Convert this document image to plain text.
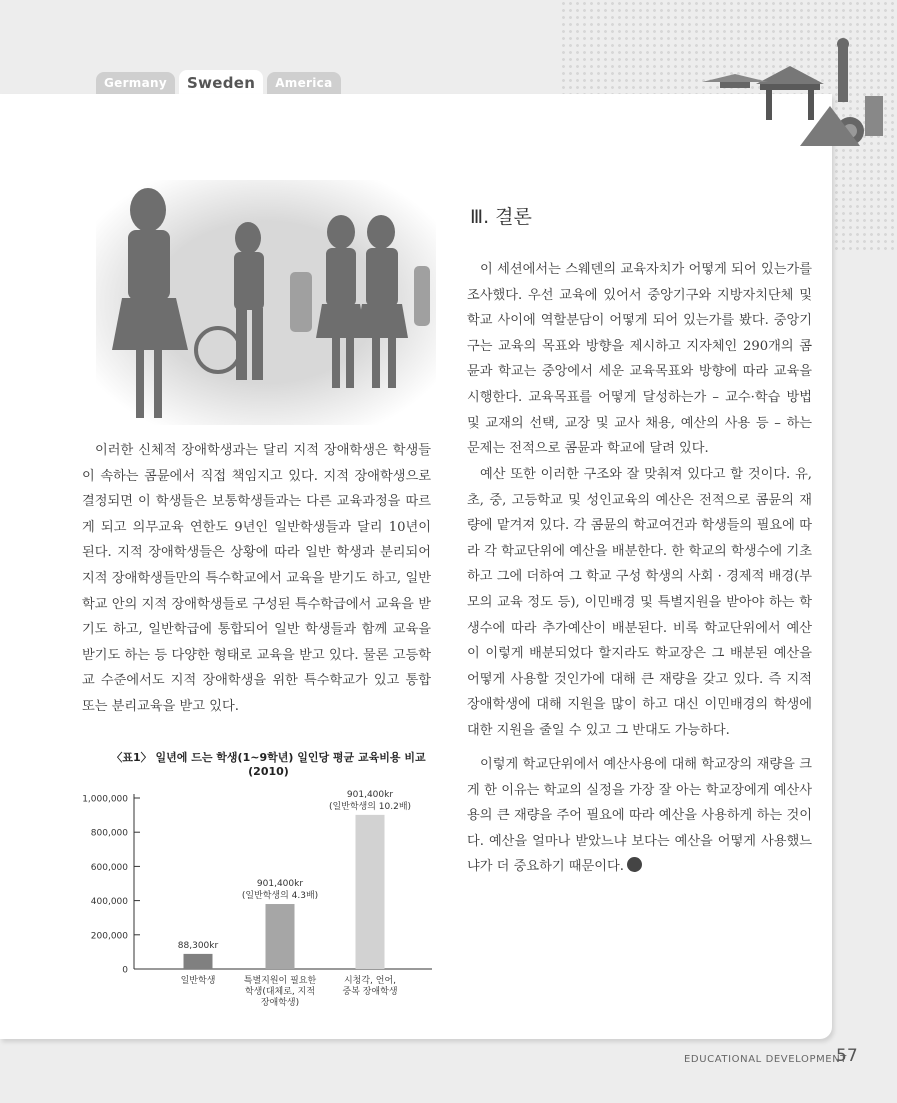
Germany	Sweden	America

이러한 신체적 장애학생과는 달리 지적 장애학생은 학생들이 속하는 콤뮨에서 직접 책임지고 있다. 지적 장애학생으로 결정되면 이 학생들은 보통학생들과는 다른 교육과정을 따르게 되고 의무교육 연한도 9년인 일반학생들과 달리 10년이 된다. 지적 장애학생들은 상황에 따라 일반 학생과 분리되어 지적 장애학생들만의 특수학교에서 교육을 받기도 하고, 일반학교 안의 지적 장애학생들로 구성된 특수학급에서 교육을 받기도 하고, 일반학급에 통합되어 일반 학생들과 함께 교육을 받기도 하는 등 다양한 형태로 교육을 받고 있다. 물론 고등학교 수준에서도 지적 장애학생을 위한 특수학교가 있고 통합 또는 분리교육을 받고 있다.

Ⅲ. 결론

이 세션에서는 스웨덴의 교육자치가 어떻게 되어 있는가를 조사했다. 우선 교육에 있어서 중앙기구와 지방자치단체 및 학교 사이에 역할분담이 어떻게 되어 있는가를 봤다. 중앙기구는 교육의 목표와 방향을 제시하고 지자체인 290개의 콤뮨과 학교는 중앙에서 세운 교육목표와 방향에 따라 교육을 시행한다. 교육목표를 어떻게 달성하는가 – 교수·학습 방법 및 교재의 선택, 교장 및 교사 채용, 예산의 사용 등 – 하는 문제는 전적으로 콤뮨과 학교에 달려 있다.

예산 또한 이러한 구조와 잘 맞춰져 있다고 할 것이다. 유, 초, 중, 고등학교 및 성인교육의 예산은 전적으로 콤뮨의 재량에 맡겨져 있다. 각 콤뮨의 학교여건과 학생들의 필요에 따라 각 학교단위에 예산을 배분한다. 한 학교의 학생수에 기초하고 그에 더하여 그 학교 구성 학생의 사회 · 경제적 배경(부모의 교육 정도 등), 이민배경 및 특별지원을 받아야 하는 학생수에 따라 추가예산이 배분된다. 비록 학교단위에서 예산이 이렇게 배분되었다 할지라도 학교장은 그 배분된 예산을 어떻게 사용할 것인가에 대해 큰 재량을 갖고 있다. 즉 지적 장애학생에 대해 지원을 많이 하고 대신 이민배경의 학생에 대한 지원을 줄일 수 있고 그 반대도 가능하다.

이렇게 학교단위에서 예산사용에 대해 학교장의 재량을 크게 한 이유는 학교의 실정을 가장 잘 아는 학교장에게 예산사용의 큰 재량을 주어 필요에 따라 예산을 사용하게 하는 것이다. 예산을 얼마나 받았느냐 보다는 예산을 어떻게 사용했느냐가 더 중요하기 때문이다.

〈표1〉 일년에 드는 학생(1~9학년) 일인당 평균 교육비용 비교 (2010)
0
200,000
400,000
600,000
800,000
1,000,000
88,300kr
일반학생
901,400kr
(일반학생의 4.3배)
특별지원이 필요한
학생(대체로, 지적
장애학생)
901,400kr
(일반학생의 10.2배)
시청각, 언어,
중복 장애학생
EDUCATIONAL DEVELOPMENT
57
